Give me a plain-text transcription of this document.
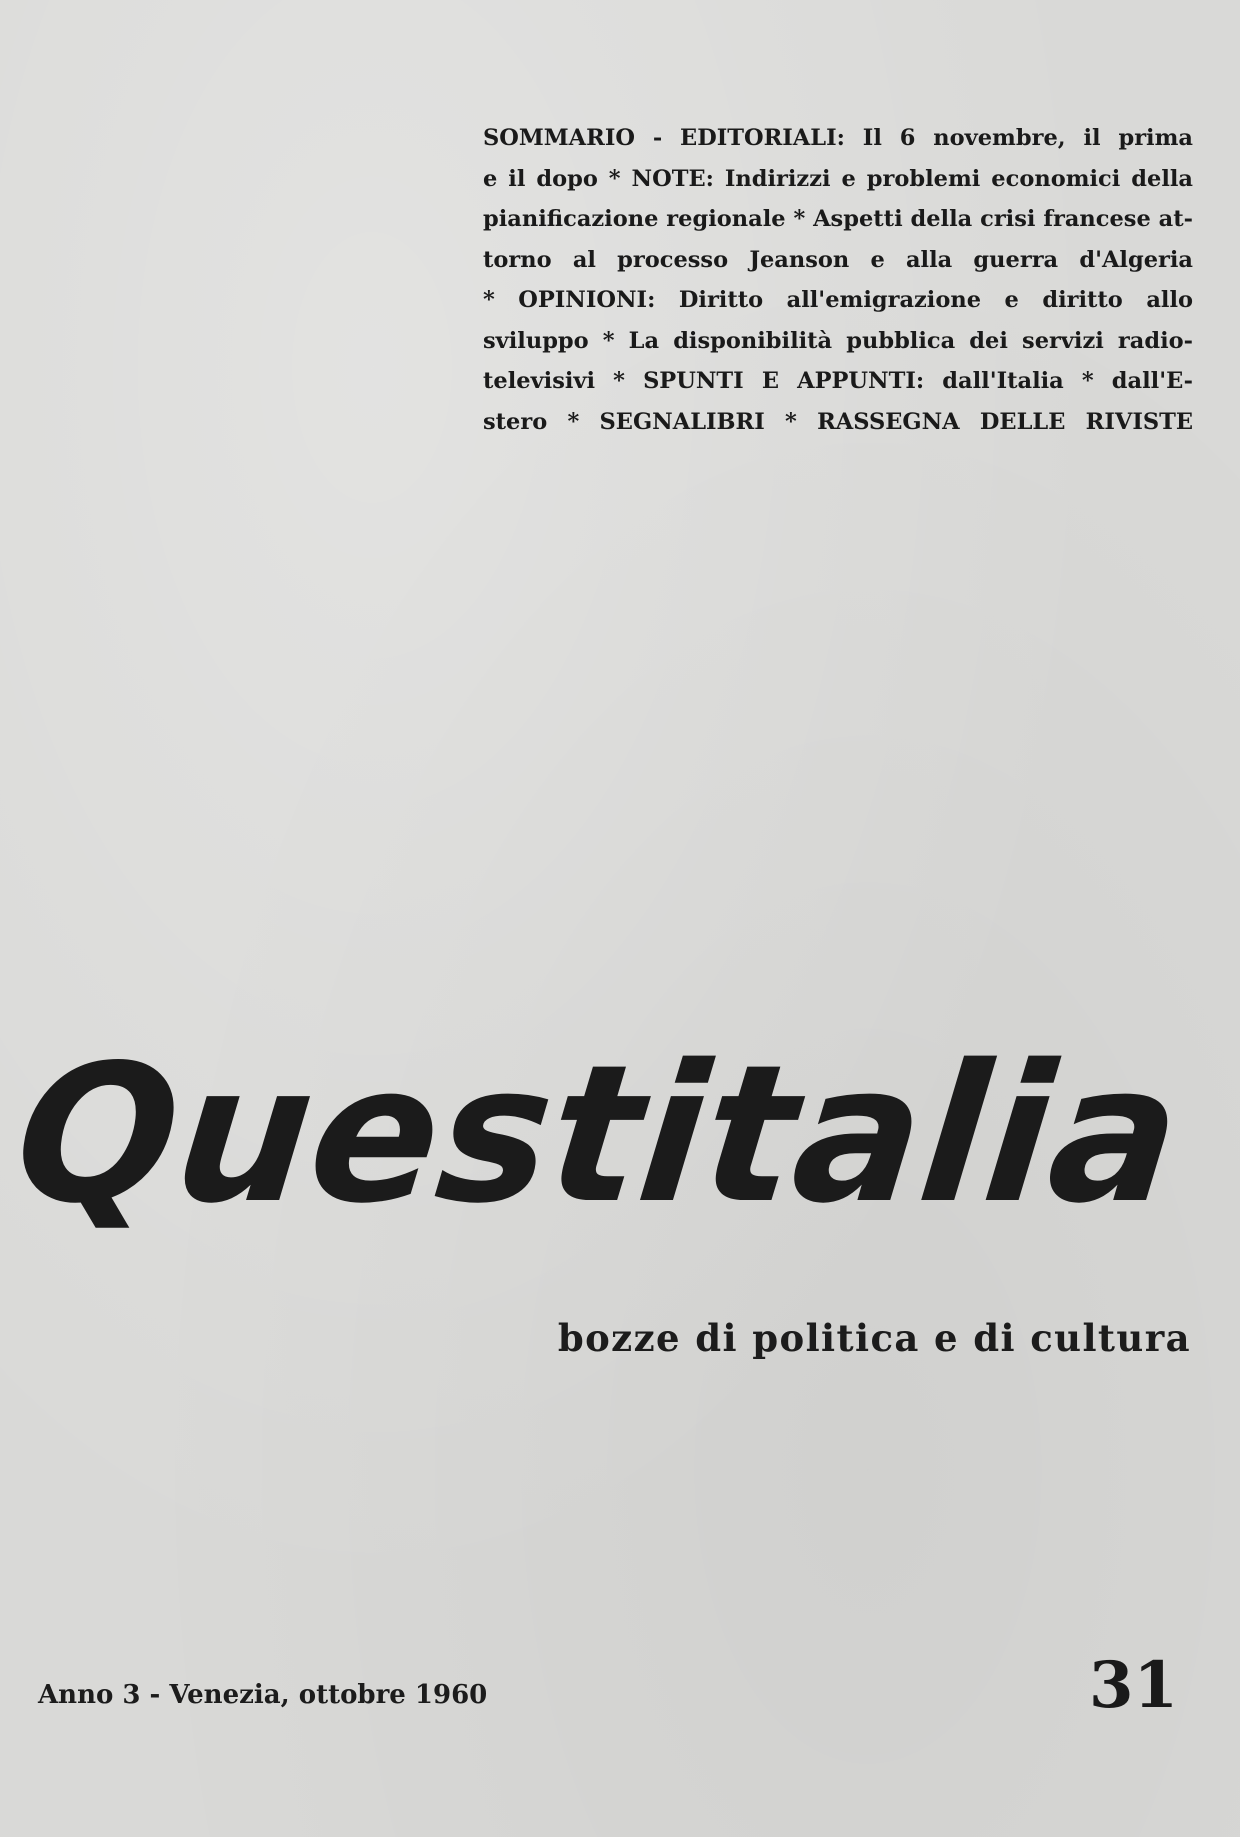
SOMMARIO - EDITORIALI: Il 6 novembre, il prima
e il dopo * NOTE: Indirizzi e problemi economici della
pianificazione regionale * Aspetti della crisi francese at-
torno al processo Jeanson e alla guerra d'Algeria
* OPINIONI: Diritto all'emigrazione e diritto allo
sviluppo * La disponibilità pubblica dei servizi radio-
televisivi * SPUNTI E APPUNTI: dall'Italia * dall'E-
stero * SEGNALIBRI * RASSEGNA DELLE RIVISTE
Questitalia
bozze di politica e di cultura
Anno 3 - Venezia, ottobre 1960	31
